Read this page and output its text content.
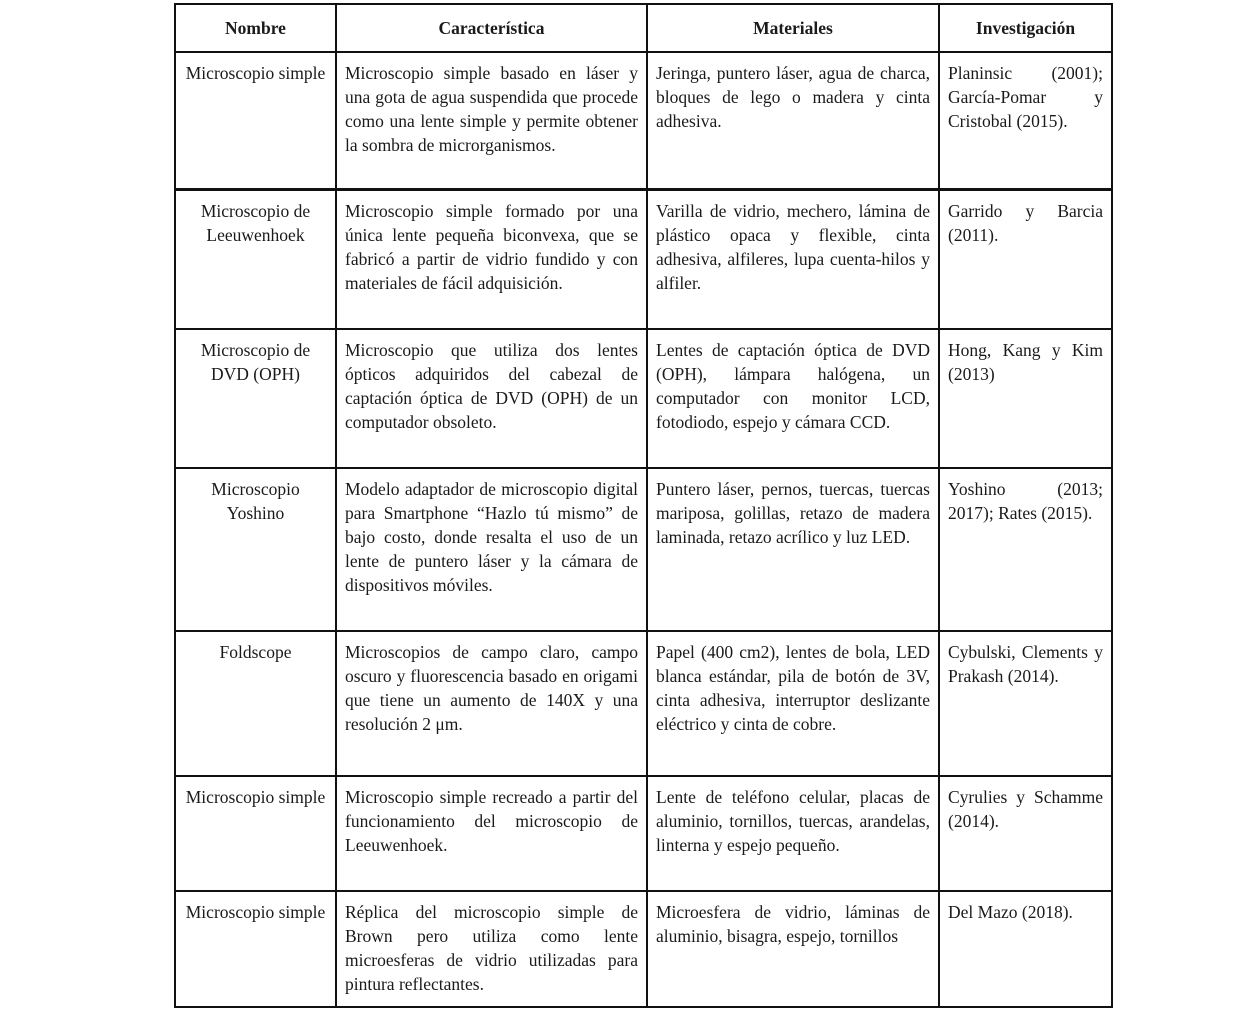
Nombre	Característica	Materiales	Investigación
Microscopio simple	Microscopio simple basado en láser y una gota de agua suspendida que procede como una lente simple y permite obtener la sombra de microrganismos.	Jeringa, puntero láser, agua de charca, bloques de lego o madera y cinta adhesiva.	Planinsic (2001); García-Pomar y Cristobal (2015).
Microscopio de Leeuwenhoek	Microscopio simple formado por una única lente pequeña biconvexa, que se fabricó a partir de vidrio fundido y con materiales de fácil adquisición.	Varilla de vidrio, mechero, lámina de plástico opaca y flexible, cinta adhesiva, alfileres, lupa cuenta-hilos y alfiler.	Garrido y Barcia (2011).
Microscopio de DVD (OPH)	Microscopio que utiliza dos lentes ópticos adquiridos del cabezal de captación óptica de DVD (OPH) de un computador obsoleto.	Lentes de captación óptica de DVD (OPH), lámpara halógena, un computador con monitor LCD, fotodiodo, espejo y cámara CCD.	Hong, Kang y Kim (2013)
Microscopio Yoshino	Modelo adaptador de microscopio digital para Smartphone “Hazlo tú mismo” de bajo costo, donde resalta el uso de un lente de puntero láser y la cámara de dispositivos móviles.	Puntero láser, pernos, tuercas, tuercas mariposa, golillas, retazo de madera laminada, retazo acrílico y luz LED.	Yoshino (2013; 2017); Rates (2015).
Foldscope	Microscopios de campo claro, campo oscuro y fluorescencia basado en origami que tiene un aumento de 140X y una resolución 2 μm.	Papel (400 cm2), lentes de bola, LED blanca estándar, pila de botón de 3V, cinta adhesiva, interruptor deslizante eléctrico y cinta de cobre.	Cybulski, Clements y Prakash (2014).
Microscopio simple	Microscopio simple recreado a partir del funcionamiento del microscopio de Leeuwenhoek.	Lente de teléfono celular, placas de aluminio, tornillos, tuercas, arandelas, linterna y espejo pequeño.	Cyrulies y Schamme (2014).
Microscopio simple	Réplica del microscopio simple de Brown pero utiliza como lente microesferas de vidrio utilizadas para pintura reflectantes.	Microesfera de vidrio, láminas de aluminio, bisagra, espejo, tornillos	Del Mazo (2018).
